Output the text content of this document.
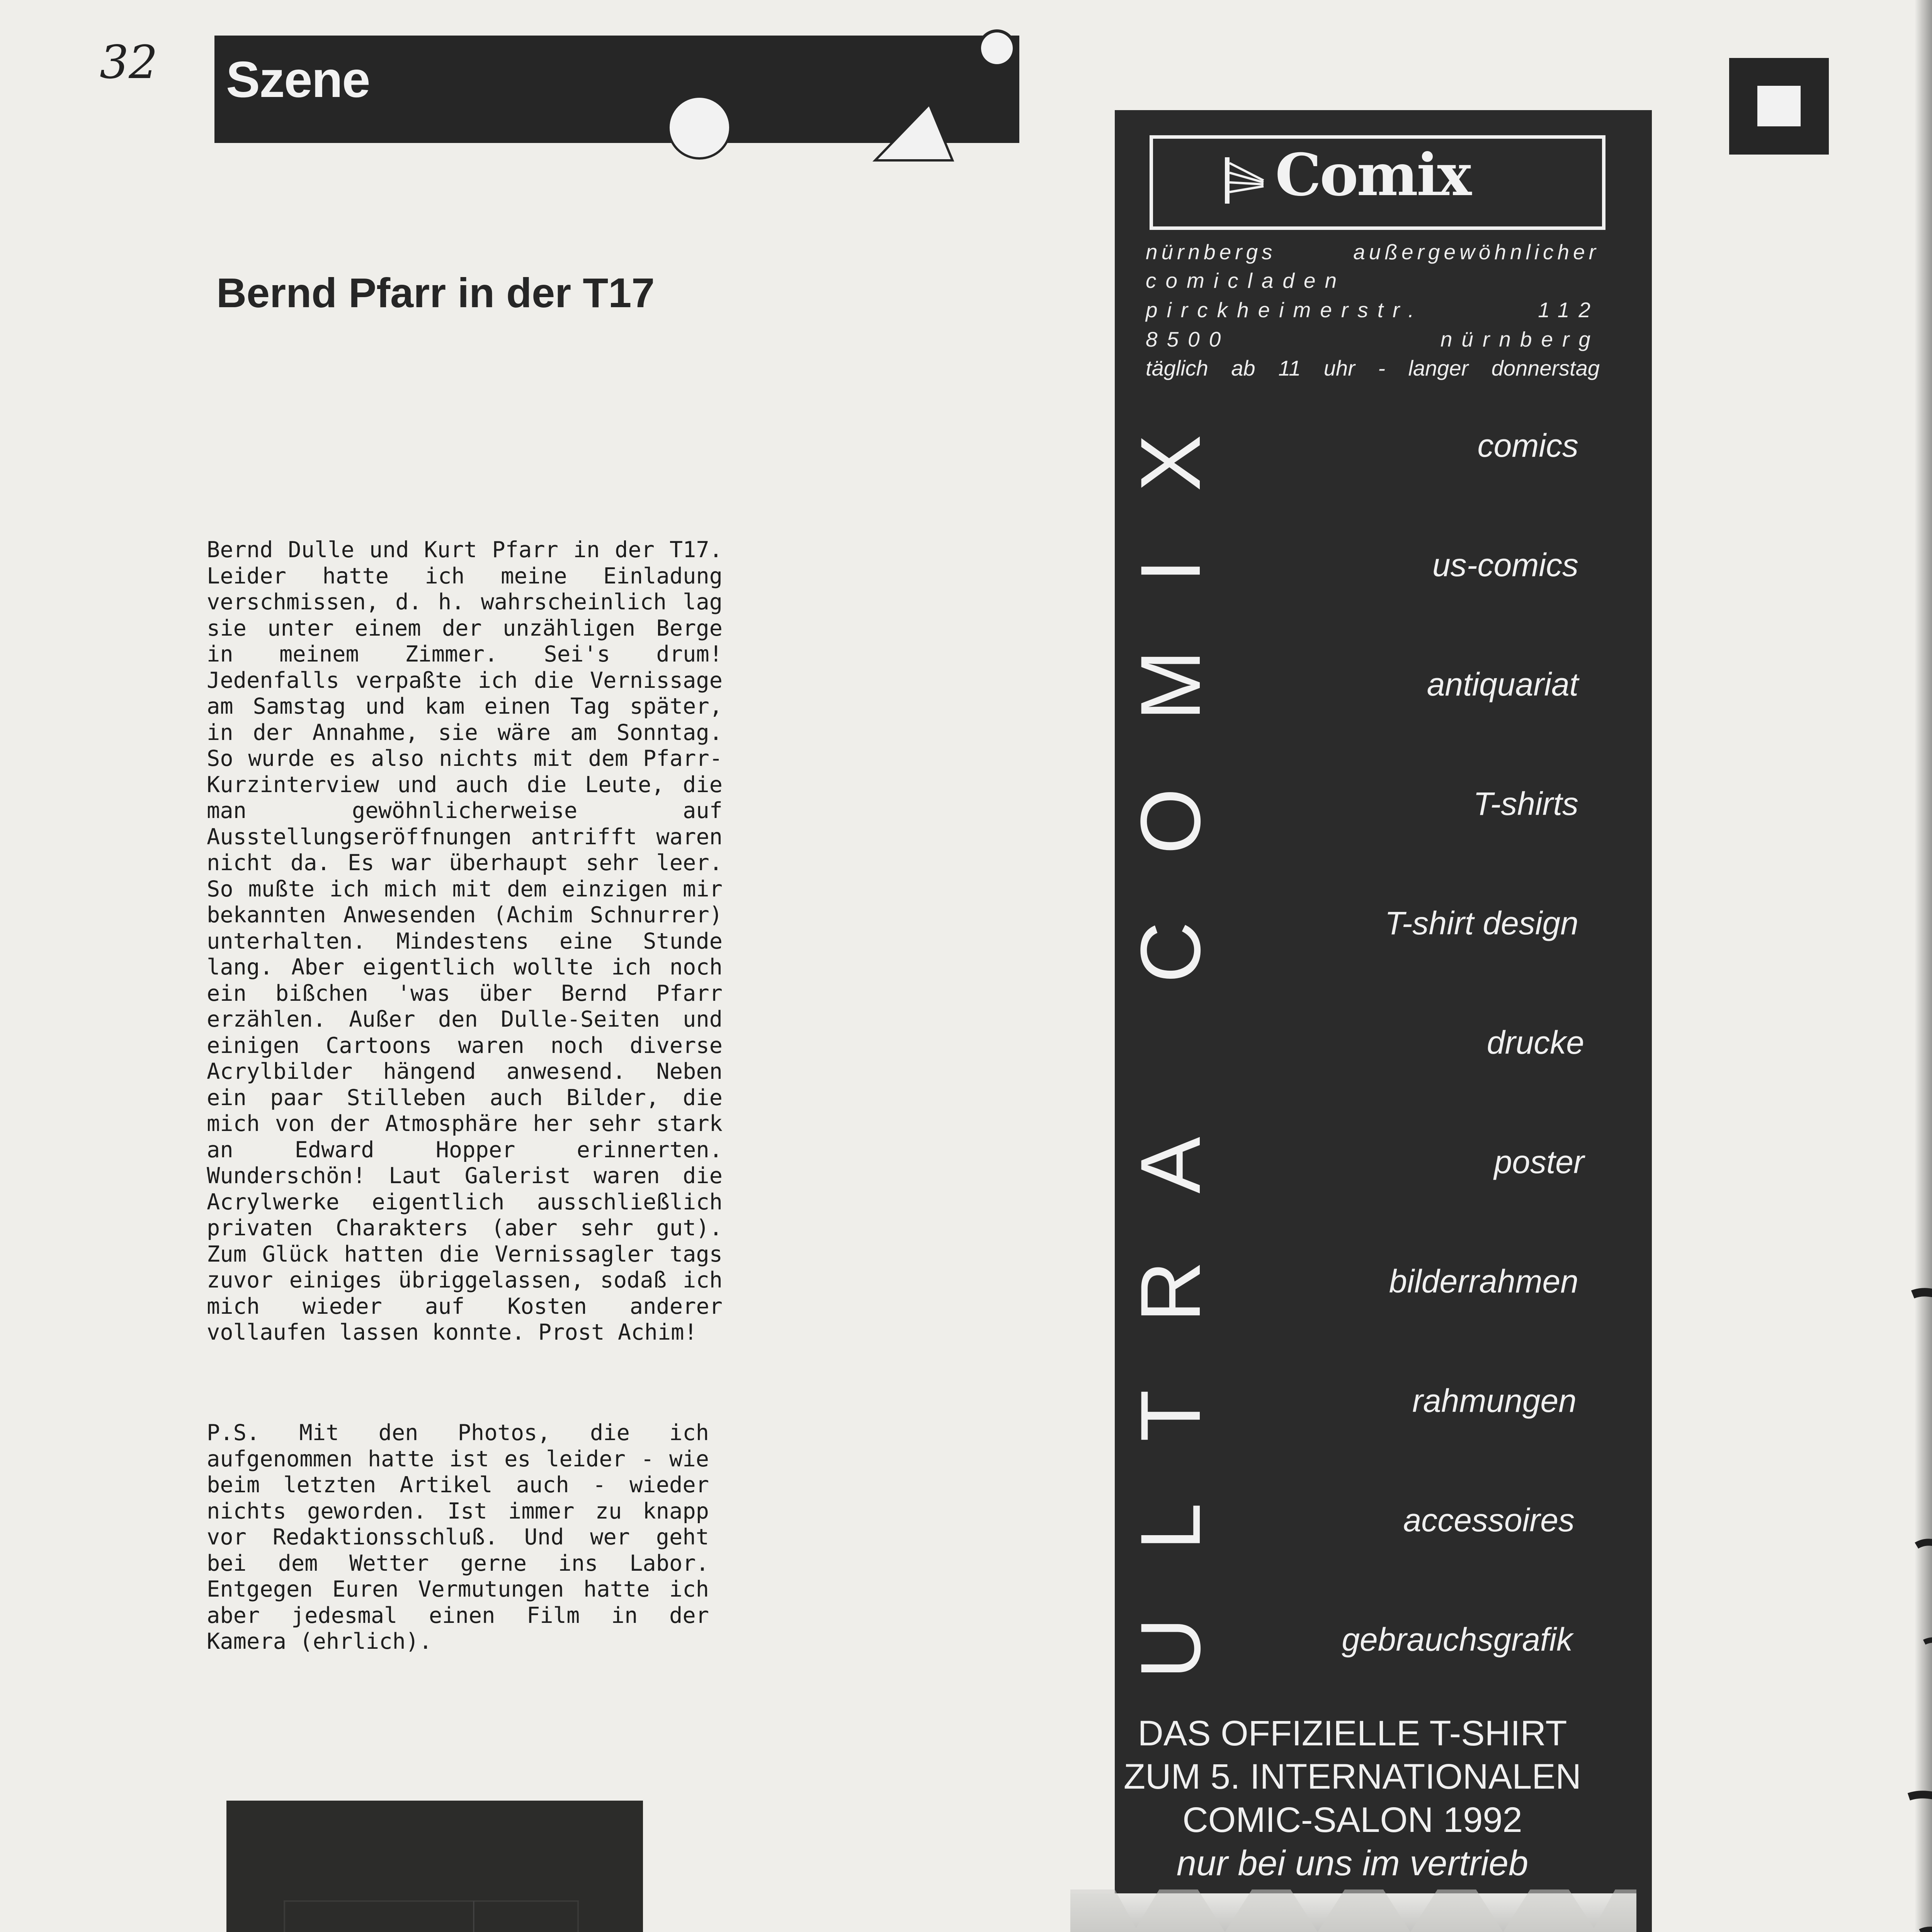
32 Szene
Bernd Pfarr in der T17
Bernd Dulle und Kurt Pfarr in der T17. Leider hatte ich meine Einladung verschmissen, d. h. wahrscheinlich lag sie unter einem der unzähligen Berge in meinem Zimmer. Sei's drum! Jedenfalls verpaßte ich die Vernissage am Samstag und kam einen Tag später, in der Annahme, sie wäre am Sonntag. So wurde es also nichts mit dem Pfarr-Kurzinterview und auch die Leute, die man gewöhnlicherweise auf Ausstellungseröffnungen antrifft waren nicht da. Es war überhaupt sehr leer. So mußte ich mich mit dem einzigen mir bekannten Anwesenden (Achim Schnurrer) unterhalten. Mindestens eine Stunde lang. Aber eigentlich wollte ich noch ein bißchen 'was über Bernd Pfarr erzählen. Außer den Dulle-Seiten und einigen Cartoons waren noch diverse Acrylbilder hängend anwesend. Neben ein paar Stilleben auch Bilder, die mich von der Atmosphäre her sehr stark an Edward Hopper erinnerten. Wunderschön! Laut Galerist waren die Acrylwerke eigentlich ausschließlich privaten Charakters (aber sehr gut). Zum Glück hatten die Vernissagler tags zuvor einiges übriggelassen, sodaß ich mich wieder auf Kosten anderer vollaufen lassen konnte. Prost Achim!
P.S. Mit den Photos, die ich aufgenommen hatte ist es leider - wie beim letzten Artikel auch - wieder nichts geworden. Ist immer zu knapp vor Redaktionsschluß. Und wer geht bei dem Wetter gerne ins Labor. Entgegen Euren Vermutungen hatte ich aber jedesmal einen Film in der Kamera (ehrlich).
Comix
nürnbergs außergewöhnlicher
comicladen
pirckheimerstr. 112
8500 nürnberg
täglich ab 11 uhr - langer donnerstag
ULTRA COMIX	comics
us-comics
antiquariat
T-shirts
T-shirt design
drucke
poster
bilderrahmen
rahmungen
accessoires
gebrauchsgrafik
DAS OFFIZIELLE T-SHIRT
ZUM 5. INTERNATIONALEN
COMIC-SALON 1992
nur bei uns im vertrieb
